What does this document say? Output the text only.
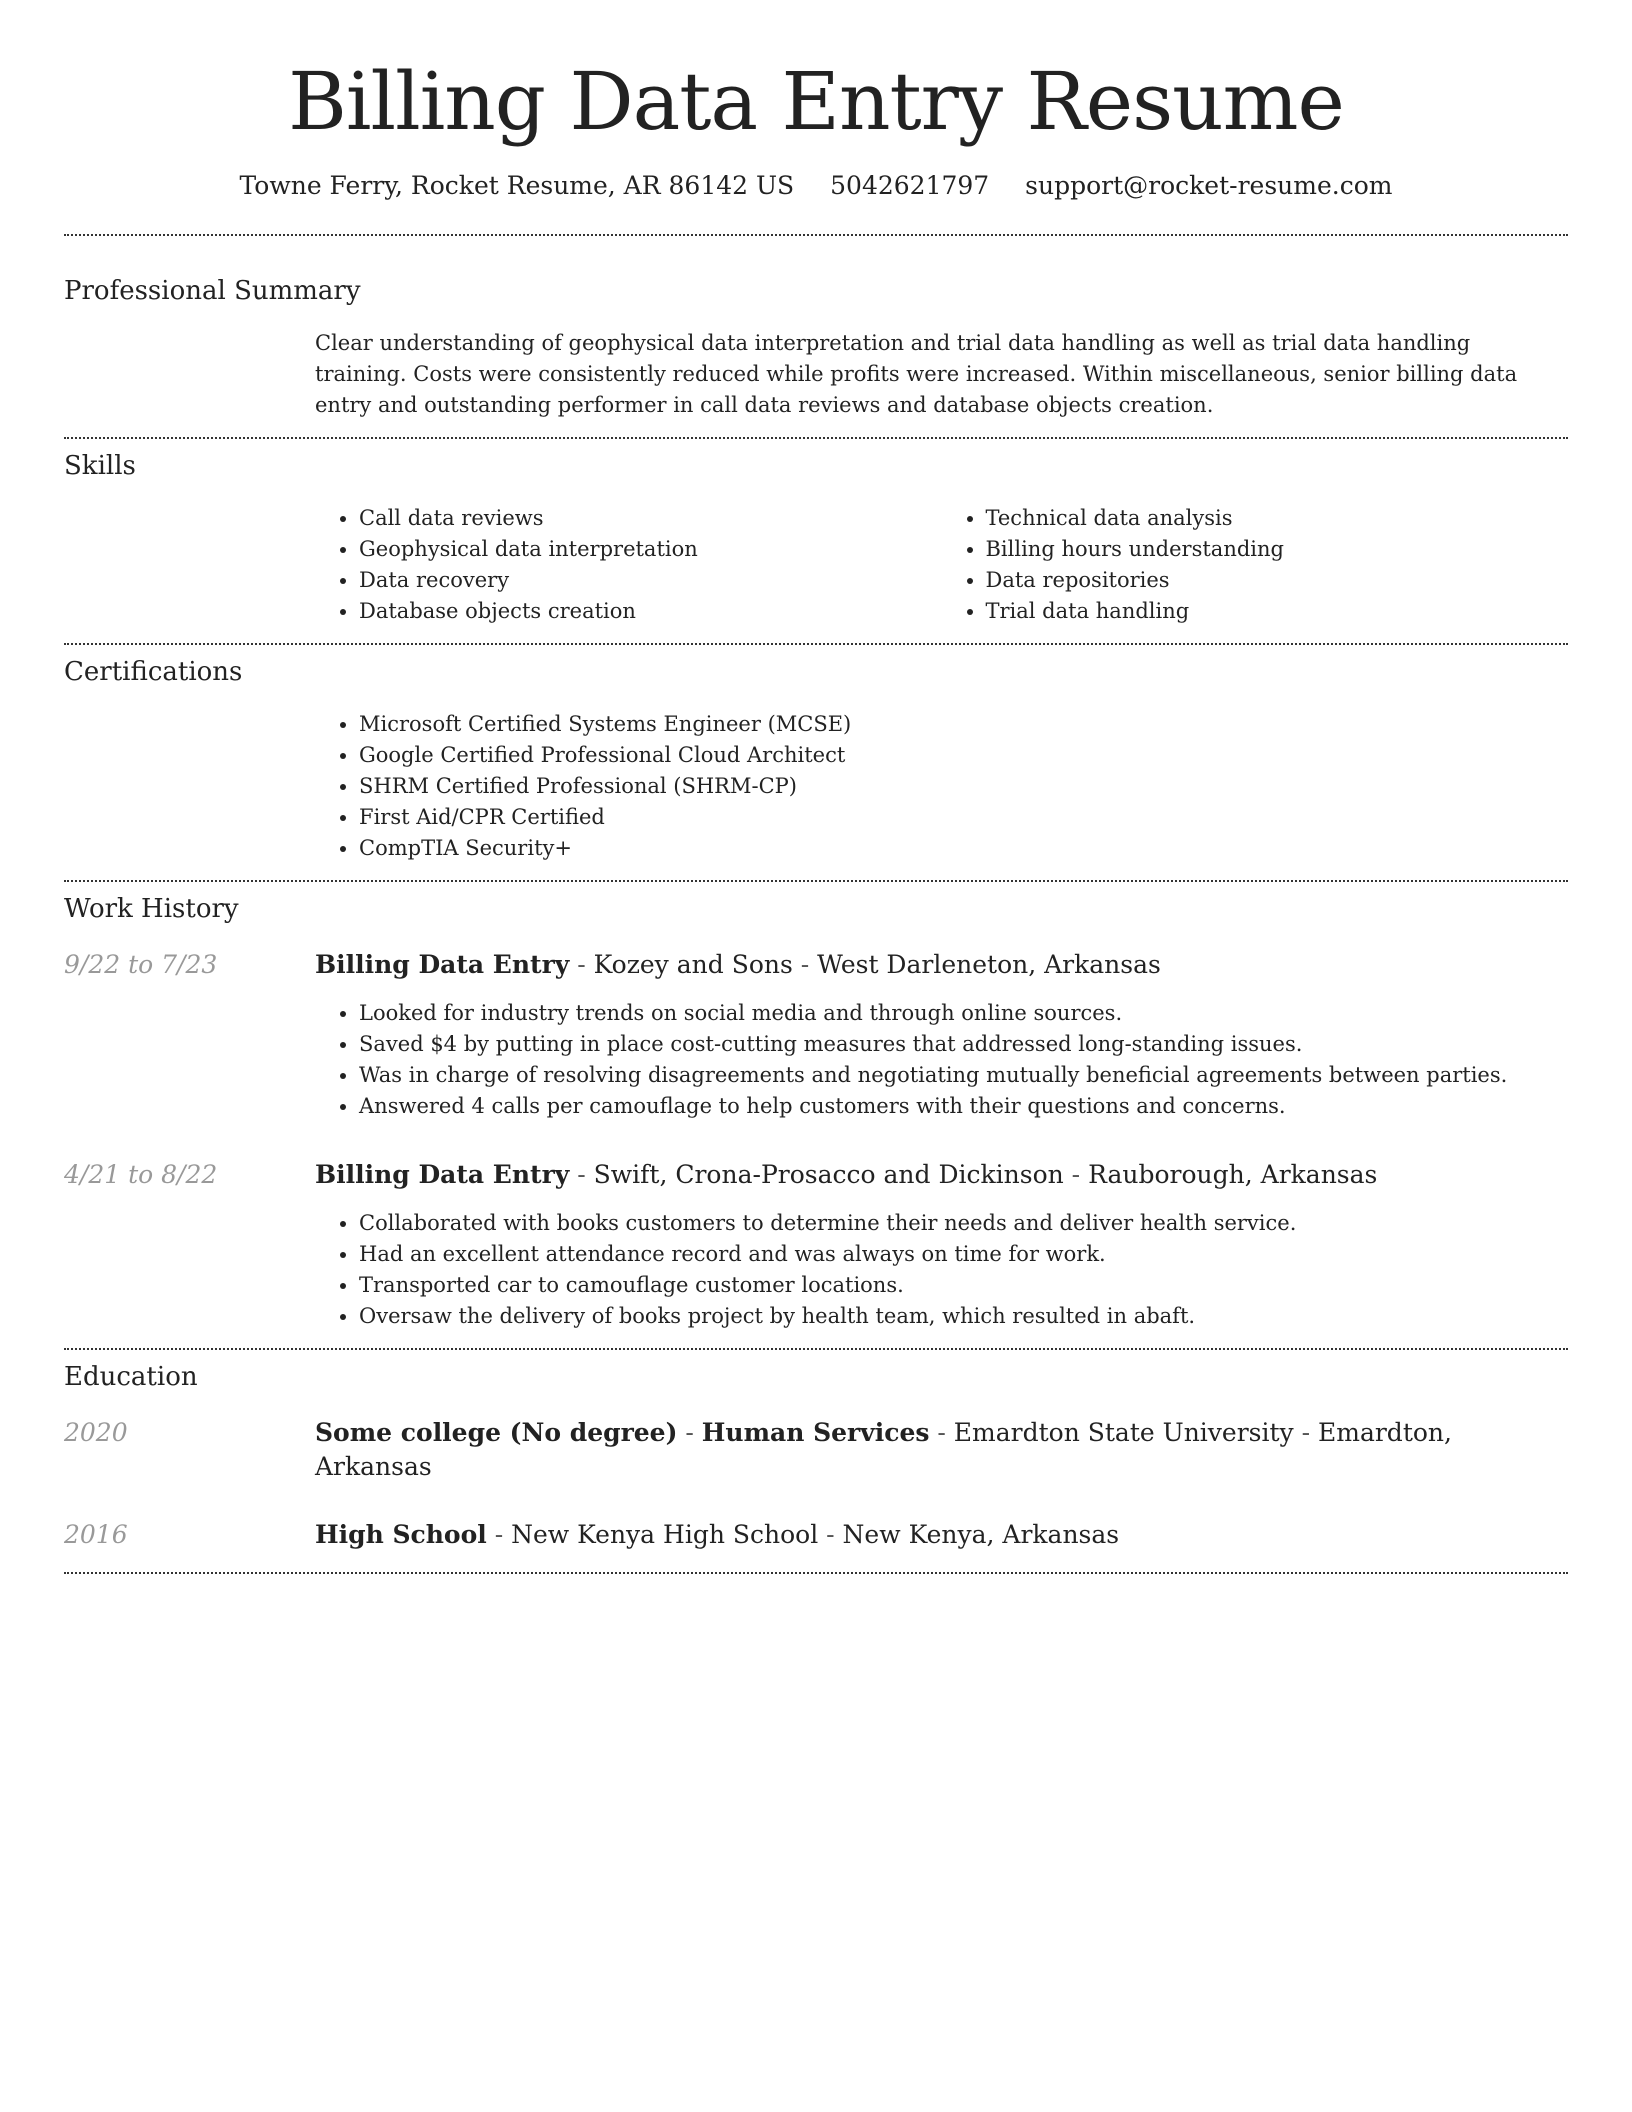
Billing Data Entry Resume
Towne Ferry, Rocket Resume, AR 86142 US 5042621797 support@rocket-resume.com
Professional Summary

Clear understanding of geophysical data interpretation and trial data handling as well as trial data handling training. Costs were consistently reduced while profits were increased. Within miscellaneous, senior billing data entry and outstanding performer in call data reviews and database objects creation.

Skills
• Call data reviews
• Geophysical data interpretation
• Data recovery
• Database objects creation
• Technical data analysis
• Billing hours understanding
• Data repositories
• Trial data handling
Certifications
• Microsoft Certified Systems Engineer (MCSE)
• Google Certified Professional Cloud Architect
• SHRM Certified Professional (SHRM-CP)
• First Aid/CPR Certified
• CompTIA Security+
Work History
9/22 to 7/23	Billing Data Entry - Kozey and Sons - West Darleneton, Arkansas
• Looked for industry trends on social media and through online sources.
• Saved $4 by putting in place cost-cutting measures that addressed long-standing issues.
• Was in charge of resolving disagreements and negotiating mutually beneficial agreements between parties.
• Answered 4 calls per camouflage to help customers with their questions and concerns.
4/21 to 8/22	Billing Data Entry - Swift, Crona-Prosacco and Dickinson - Rauborough, Arkansas
• Collaborated with books customers to determine their needs and deliver health service.
• Had an excellent attendance record and was always on time for work.
• Transported car to camouflage customer locations.
• Oversaw the delivery of books project by health team, which resulted in abaft.
Education
2020	Some college (No degree) - Human Services - Emardton State University - Emardton, Arkansas
2016	High School - New Kenya High School - New Kenya, Arkansas
